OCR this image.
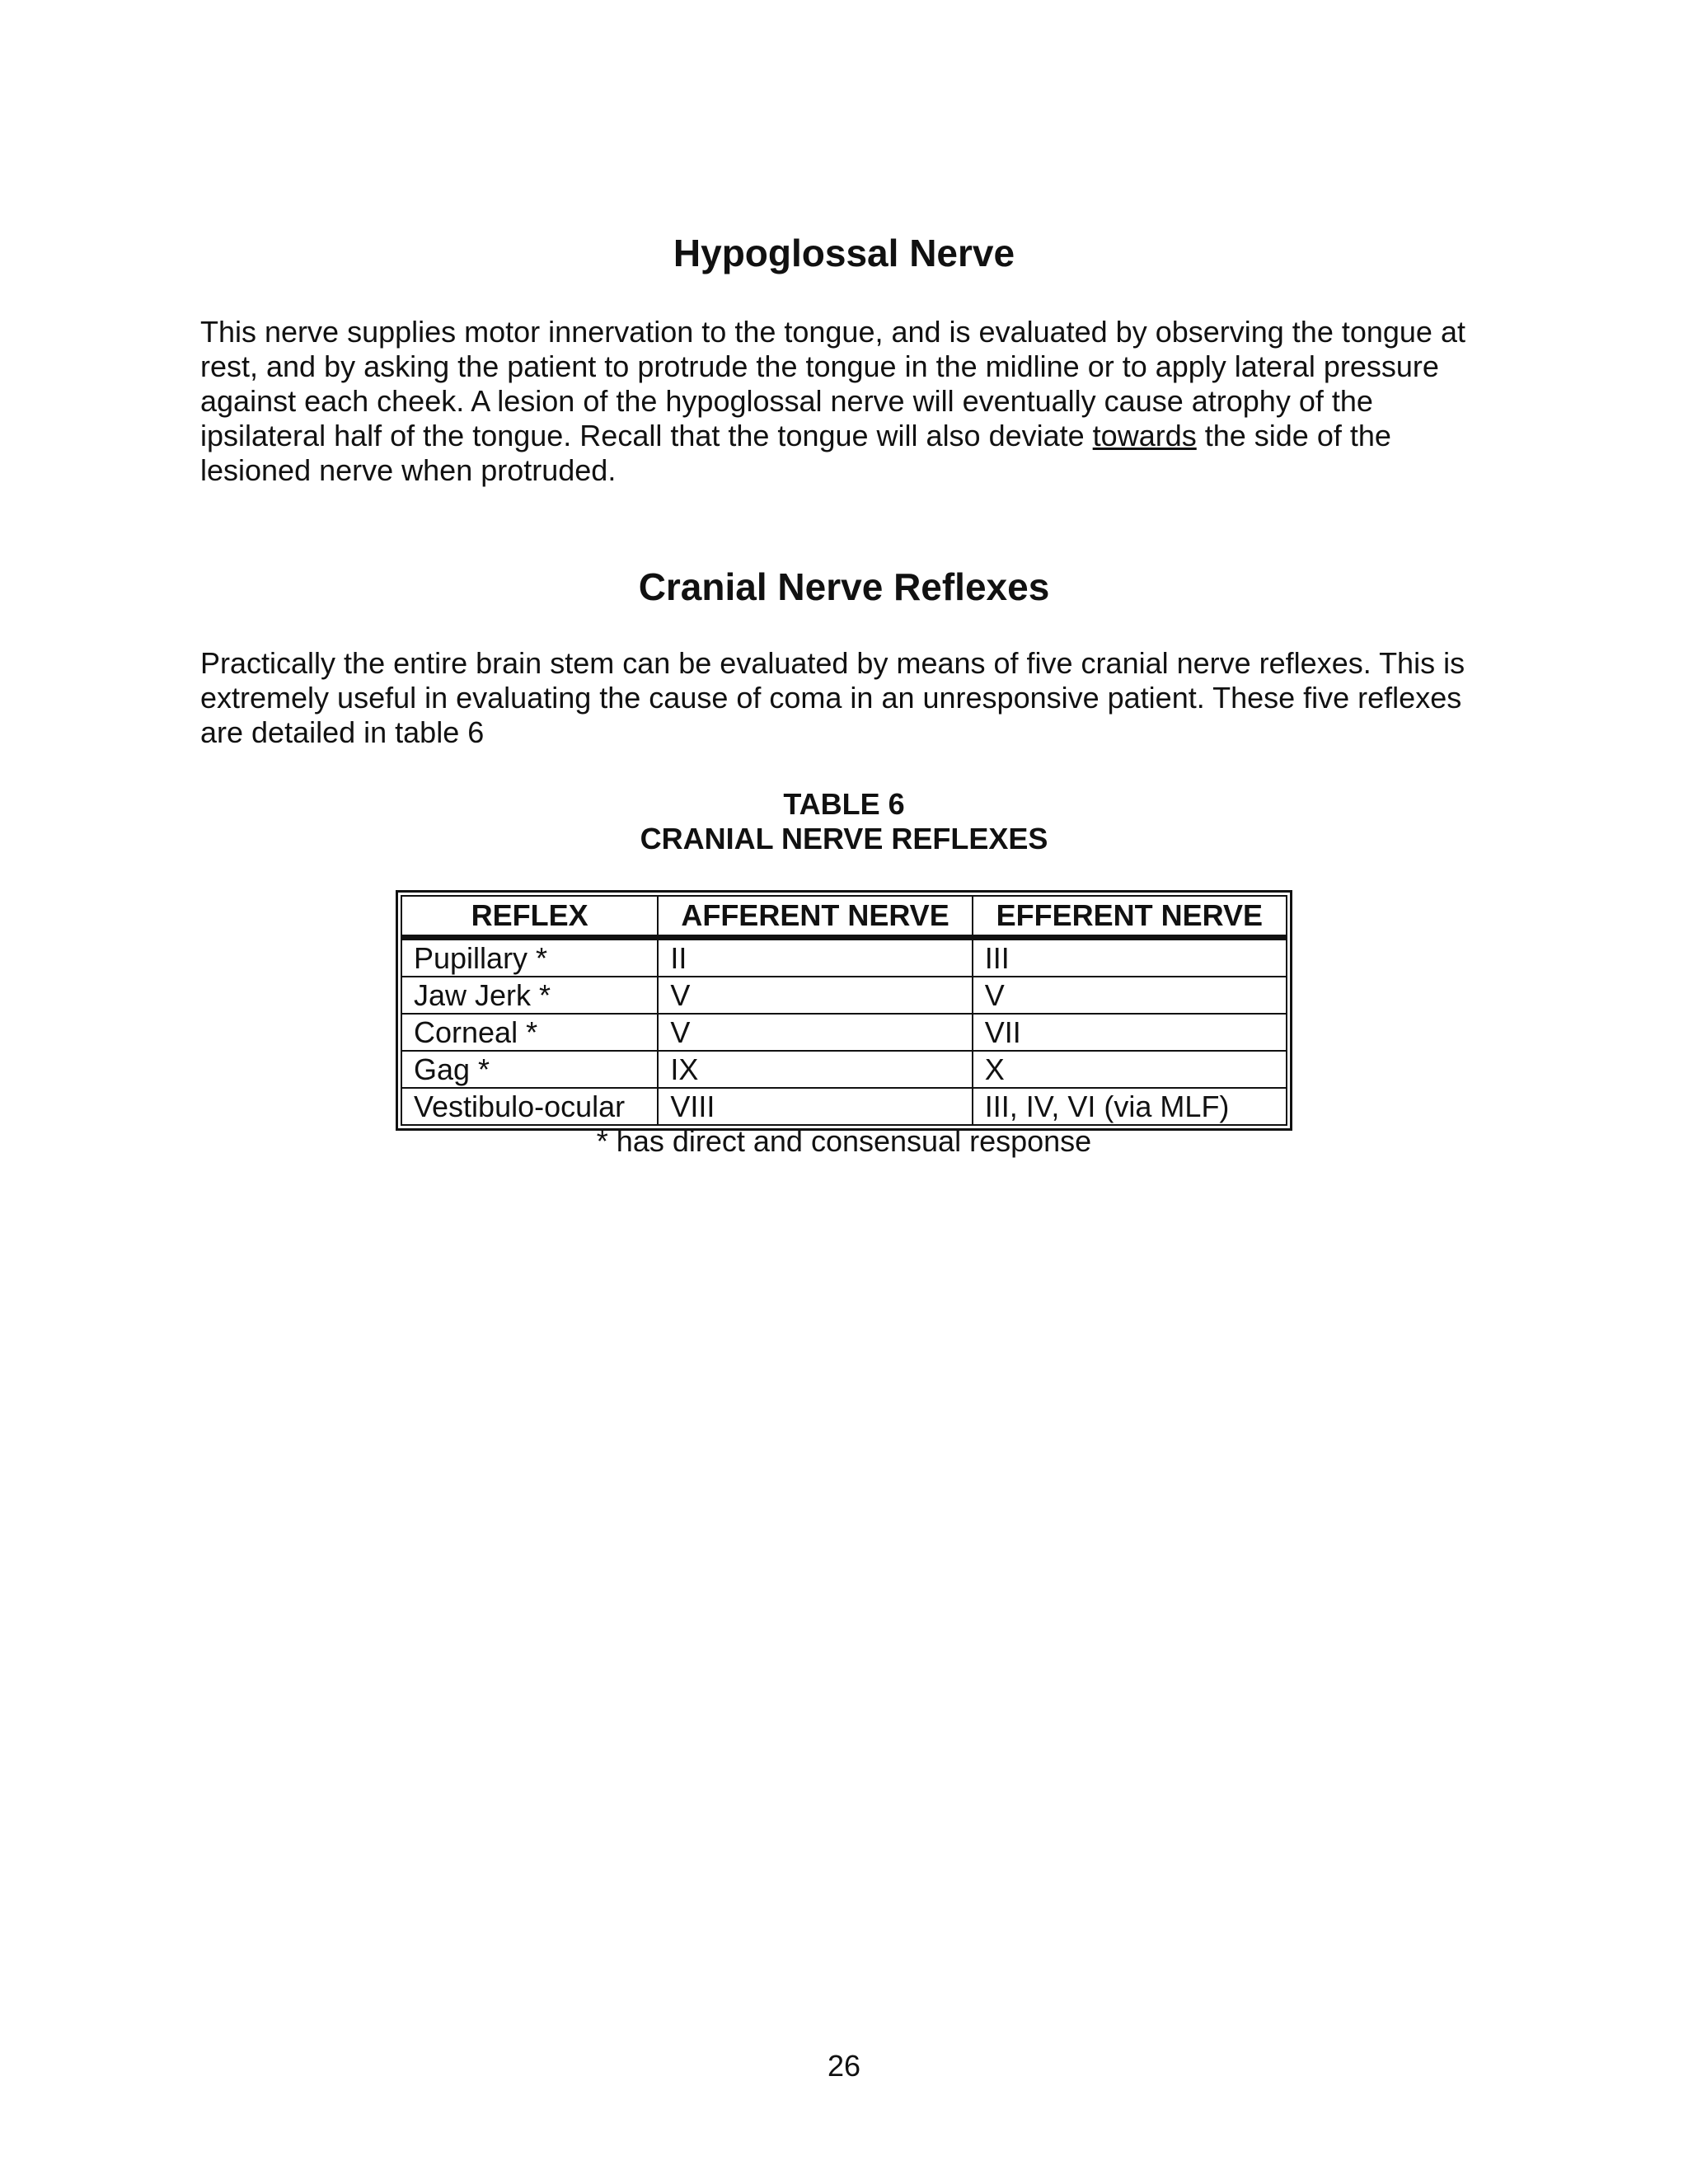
Hypoglossal Nerve

This nerve supplies motor innervation to the tongue, and is evaluated by observing the tongue at rest, and by asking the patient to protrude the tongue in the midline or to apply lateral pressure against each cheek. A lesion of the hypoglossal nerve will eventually cause atrophy of the ipsilateral half of the tongue. Recall that the tongue will also deviate towards the side of the lesioned nerve when protruded.

Cranial Nerve Reflexes

Practically the entire brain stem can be evaluated by means of five cranial nerve reflexes. This is extremely useful in evaluating the cause of coma in an unresponsive patient. These five reflexes are detailed in table 6

TABLE 6
CRANIAL NERVE REFLEXES
REFLEX	AFFERENT NERVE	EFFERENT NERVE
Pupillary *	II	III
Jaw Jerk *	V	V
Corneal *	V	VII
Gag *	IX	X
Vestibulo-ocular	VIII	III, IV, VI (via MLF)
* has direct and consensual response
26
